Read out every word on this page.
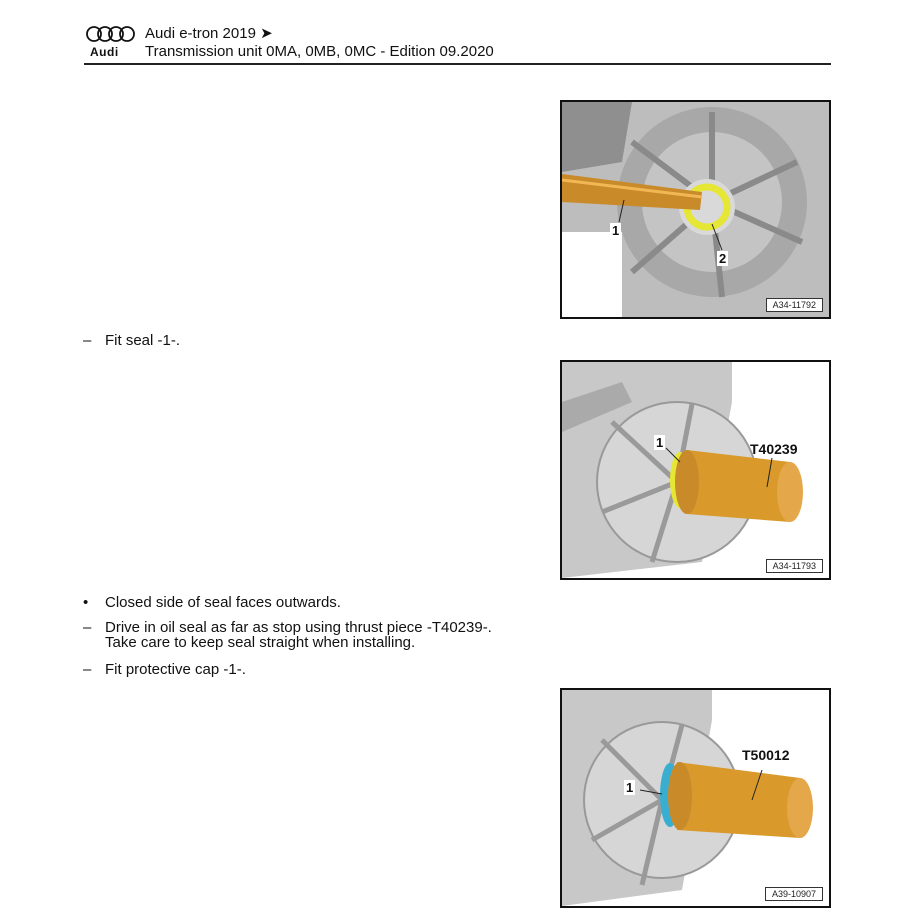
Audi
Audi e-tron 2019 ➤
Transmission unit 0MA, 0MB, 0MC - Edition 09.2020
1
2
A34-11792
– Fit seal -1-.
1	T40239
A34-11793
• Closed side of seal faces outwards.
– Drive in oil seal as far as stop using thrust piece -T40239-.
Take care to keep seal straight when installing.
– Fit protective cap -1-.
1
T50012
A39-10907
